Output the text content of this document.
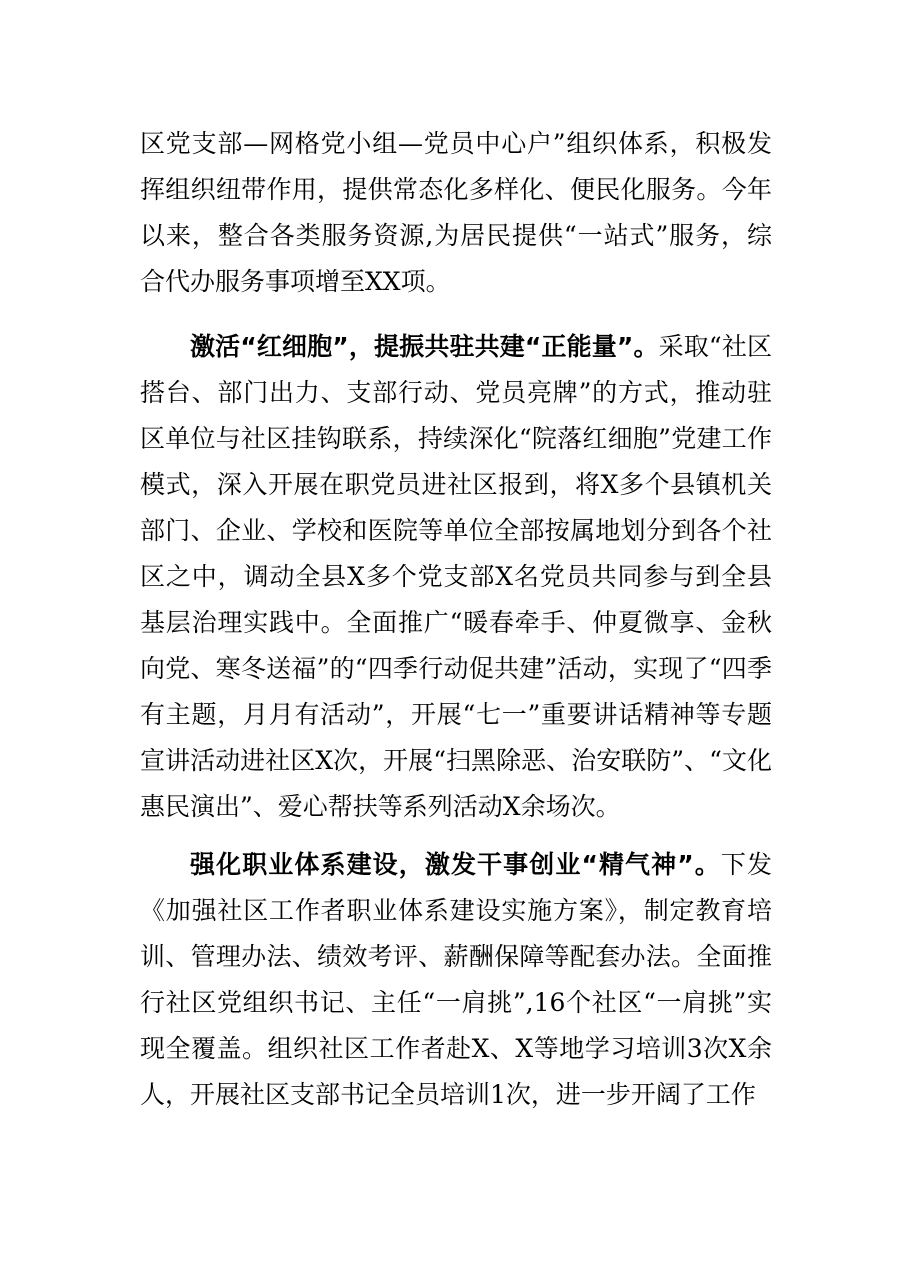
区党支部—网格党小组—党员中心户”组织体系，积极发挥组织纽带作用，提供常态化多样化、便民化服务。今年以来，整合各类服务资源,为居民提供“一站式”服务，综合代办服务事项增至XX项。

激活“红细胞”，提振共驻共建“正能量”。采取“社区搭台、部门出力、支部行动、党员亮牌”的方式，推动驻区单位与社区挂钩联系，持续深化“院落红细胞”党建工作模式，深入开展在职党员进社区报到，将X多个县镇机关部门、企业、学校和医院等单位全部按属地划分到各个社区之中，调动全县X多个党支部X名党员共同参与到全县基层治理实践中。全面推广“暖春牵手、仲夏微享、金秋向党、寒冬送福”的“四季行动促共建”活动，实现了“四季有主题，月月有活动”，开展“七一”重要讲话精神等专题宣讲活动进社区X次，开展“扫黑除恶、治安联防”、“文化惠民演出”、爱心帮扶等系列活动X余场次。

强化职业体系建设，激发干事创业“精气神”。下发《加强社区工作者职业体系建设实施方案》，制定教育培训、管理办法、绩效考评、薪酬保障等配套办法。全面推行社区党组织书记、主任“一肩挑”,16个社区“一肩挑”实现全覆盖。组织社区工作者赴X、X等地学习培训3次X余人，开展社区支部书记全员培训1次，进一步开阔了工作
